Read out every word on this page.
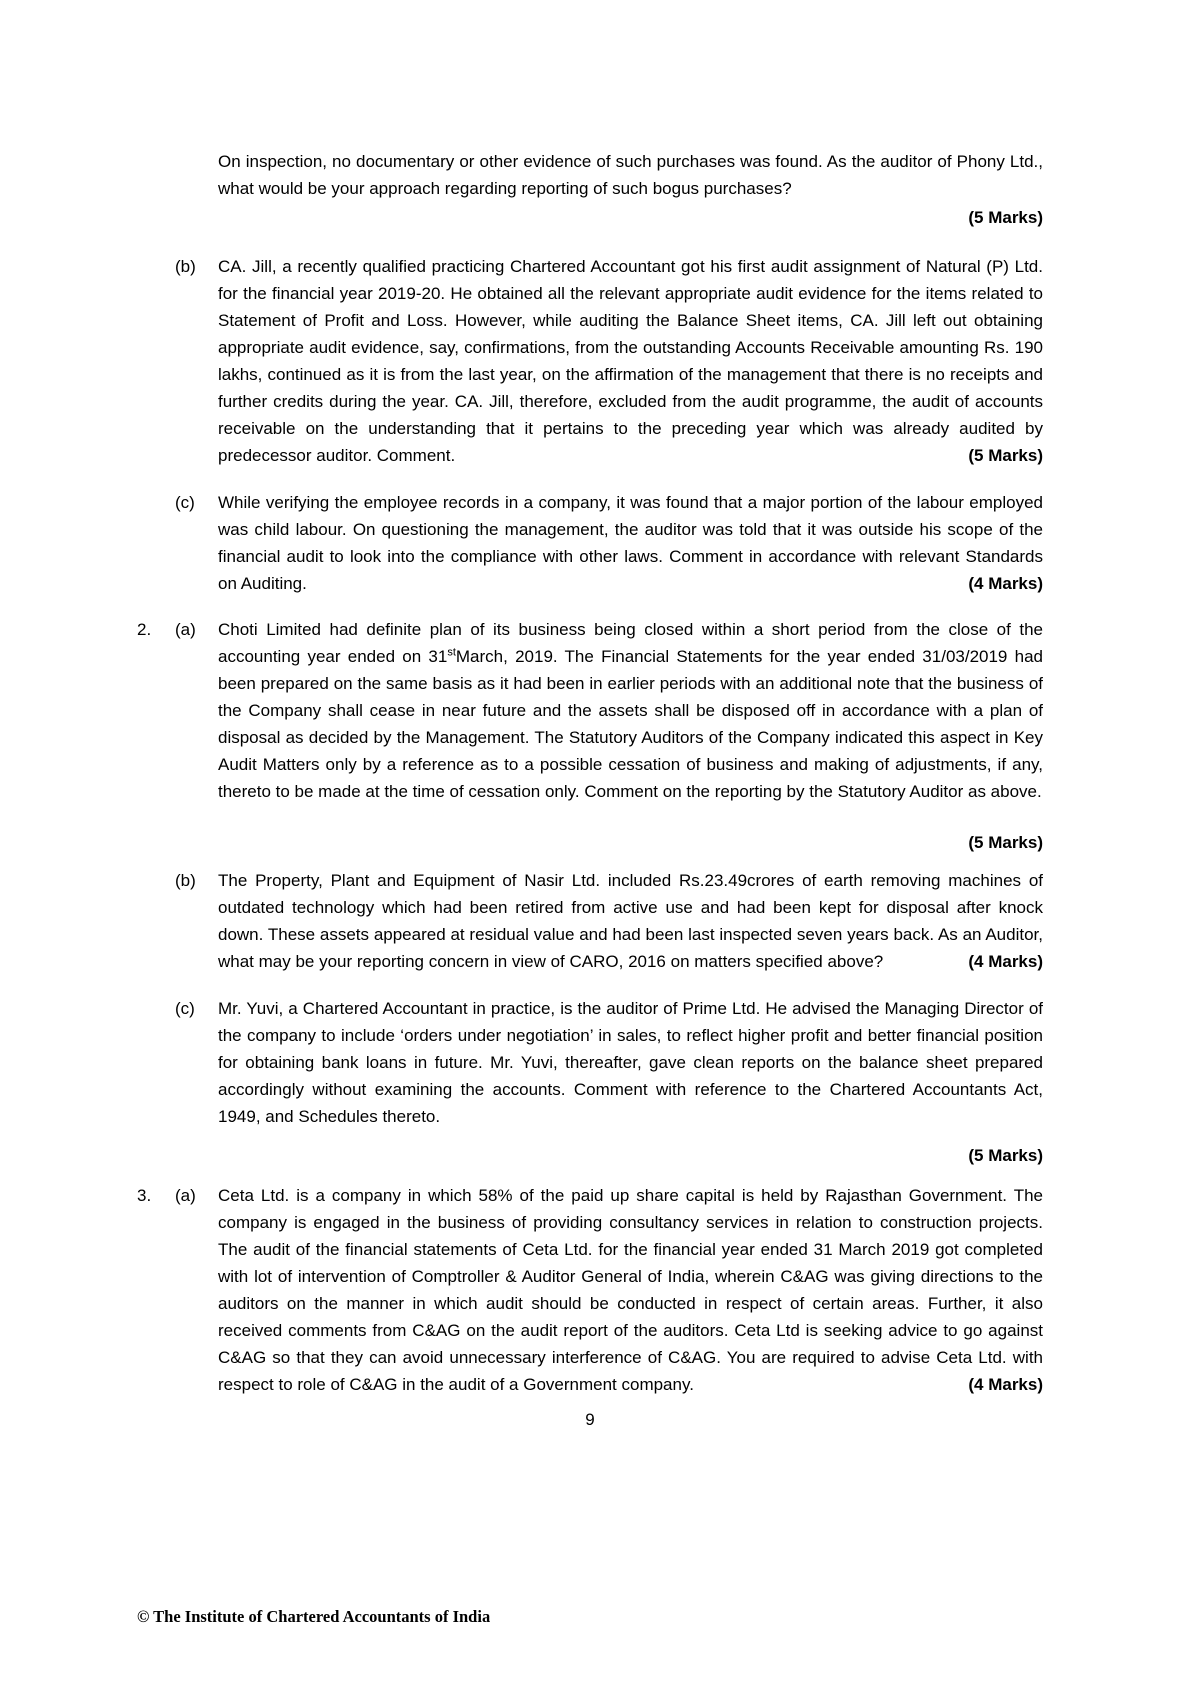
On inspection, no documentary or other evidence of such purchases was found. As the auditor of Phony Ltd., what would be your approach regarding reporting of such bogus purchases?
(5 Marks)
(b)	CA. Jill, a recently qualified practicing Chartered Accountant got his first audit assignment of Natural (P) Ltd. for the financial year 2019-20. He obtained all the relevant appropriate audit evidence for the items related to Statement of Profit and Loss. However, while auditing the Balance Sheet items, CA. Jill left out obtaining appropriate audit evidence, say, confirmations, from the outstanding Accounts Receivable amounting Rs. 190 lakhs, continued as it is from the last year, on the affirmation of the management that there is no receipts and further credits during the year. CA. Jill, therefore, excluded from the audit programme, the audit of accounts receivable on the understanding that it pertains to the preceding year which was already audited by predecessor auditor. Comment.	(5 Marks)
(c)	While verifying the employee records in a company, it was found that a major portion of the labour employed was child labour. On questioning the management, the auditor was told that it was outside his scope of the financial audit to look into the compliance with other laws. Comment in accordance with relevant Standards on Auditing.	(4 Marks)
2.	(a)	Choti Limited had definite plan of its business being closed within a short period from the close of the accounting year ended on 31stMarch, 2019. The Financial Statements for the year ended 31/03/2019 had been prepared on the same basis as it had been in earlier periods with an additional note that the business of the Company shall cease in near future and the assets shall be disposed off in accordance with a plan of disposal as decided by the Management. The Statutory Auditors of the Company indicated this aspect in Key Audit Matters only by a reference as to a possible cessation of business and making of adjustments, if any, thereto to be made at the time of cessation only. Comment on the reporting by the Statutory Auditor as above.
(5 Marks)
(b)	The Property, Plant and Equipment of Nasir Ltd. included Rs.23.49crores of earth removing machines of outdated technology which had been retired from active use and had been kept for disposal after knock down. These assets appeared at residual value and had been last inspected seven years back. As an Auditor, what may be your reporting concern in view of CARO, 2016 on matters specified above?	(4 Marks)
(c)	Mr. Yuvi, a Chartered Accountant in practice, is the auditor of Prime Ltd. He advised the Managing Director of the company to include ‘orders under negotiation’ in sales, to reflect higher profit and better financial position for obtaining bank loans in future. Mr. Yuvi, thereafter, gave clean reports on the balance sheet prepared accordingly without examining the accounts. Comment with reference to the Chartered Accountants Act, 1949, and Schedules thereto.
(5 Marks)
3.	(a)	Ceta Ltd. is a company in which 58% of the paid up share capital is held by Rajasthan Government. The company is engaged in the business of providing consultancy services in relation to construction projects. The audit of the financial statements of Ceta Ltd. for the financial year ended 31 March 2019 got completed with lot of intervention of Comptroller & Auditor General of India, wherein C&AG was giving directions to the auditors on the manner in which audit should be conducted in respect of certain areas. Further, it also received comments from C&AG on the audit report of the auditors. Ceta Ltd is seeking advice to go against C&AG so that they can avoid unnecessary interference of C&AG. You are required to advise Ceta Ltd. with respect to role of C&AG in the audit of a Government company.	(4 Marks)
9
© The Institute of Chartered Accountants of India
